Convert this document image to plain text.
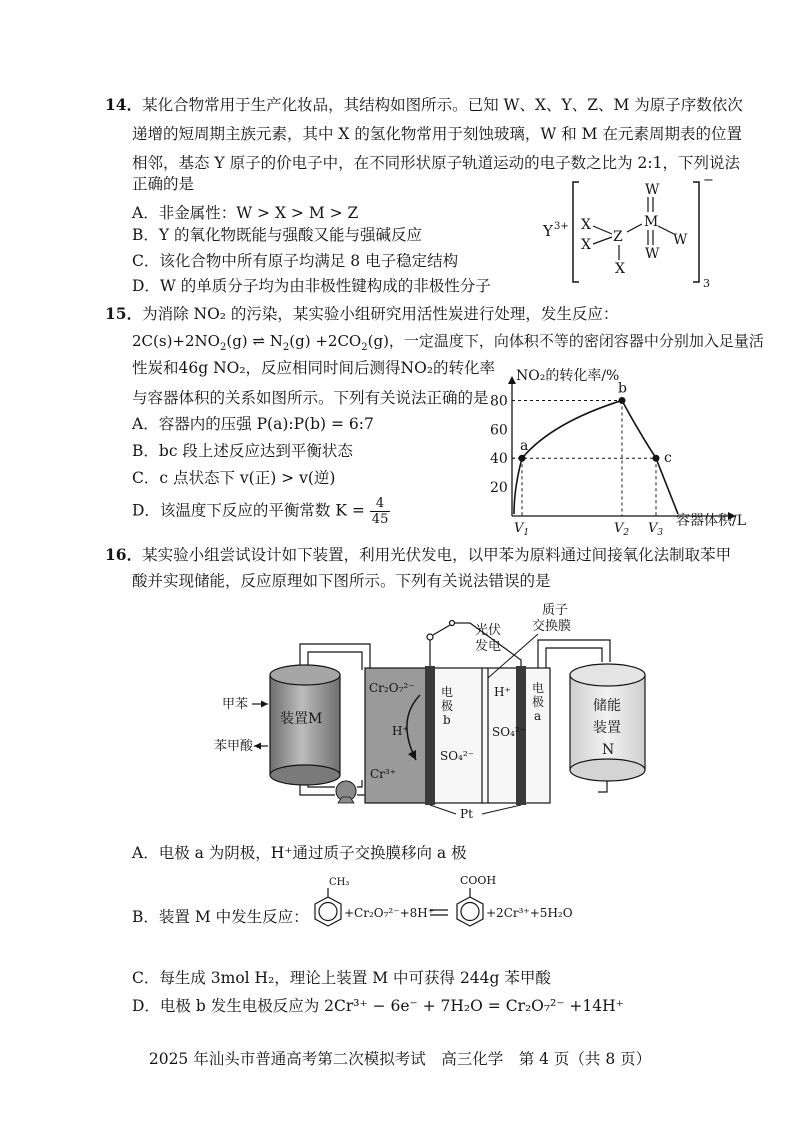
14．某化合物常用于生产化妆品，其结构如图所示。已知 W、X、Y、Z、M 为原子序数依次
递增的短周期主族元素，其中 X 的氢化物常用于刻蚀玻璃，W 和 M 在元素周期表的位置
相邻，基态 Y 原子的价电子中，在不同形状原子轨道运动的电子数之比为 2:1，下列说法
正确的是
A．非金属性：W > X > M > Z
B．Y 的氧化物既能与强酸又能与强碱反应
C．该化合物中所有原子均满足 8 电子稳定结构
D．W 的单质分子均为由非极性键构成的非极性分子
Y 3+
−
3
W
M
W
W
Z
X
X
X
15．为消除 NO₂ 的污染，某实验小组研究用活性炭进行处理，发生反应：
$2C(s)+2NO_2(g)$ ⇌ $N_2(g) +2CO_2(g)$，一定温度下，向体积不等的密闭容器中分别加入足量活
性炭和46g NO₂，反应相同时间后测得NO₂的转化率
与容器体积的关系如图所示。下列有关说法正确的是
A．容器内的压强 P(a):P(b) = 6:7
B．bc 段上述反应达到平衡状态
C．c 点状态下 v(正) > v(逆)
D．该温度下反应的平衡常数 $K = \frac{4}{45}$
NO₂的转化率/%
容器体积/L
80
60
40
20
$V_1$	$V_2$ $V_3$
a
b
c
16．某实验小组尝试设计如下装置，利用光伏发电，以甲苯为原料通过间接氧化法制取苯甲
酸并实现储能，反应原理如下图所示。下列有关说法错误的是
装置M
甲苯
苯甲酸
Cr₂O₇²⁻
H⁺
Cr³⁺
电
极
b
SO₄²⁻
H⁺
SO₄²⁻
电
极
a
光伏
发电
质子
交换膜
储能
装置
N
Pt
A．电极 a 为阴极，H⁺通过质子交换膜移向 a 极
B．装置 M 中发生反应：
CH₃
+Cr₂O₇²⁻+8H⁺
COOH
+2Cr³⁺+5H₂O
C．每生成 3mol H₂，理论上装置 M 中可获得 244g 苯甲酸
D．电极 b 发生电极反应为 2Cr³⁺ − 6e⁻ + 7H₂O = Cr₂O₇²⁻ +14H⁺
2025 年汕头市普通高考第二次模拟考试　高三化学　第 4 页（共 8 页）
